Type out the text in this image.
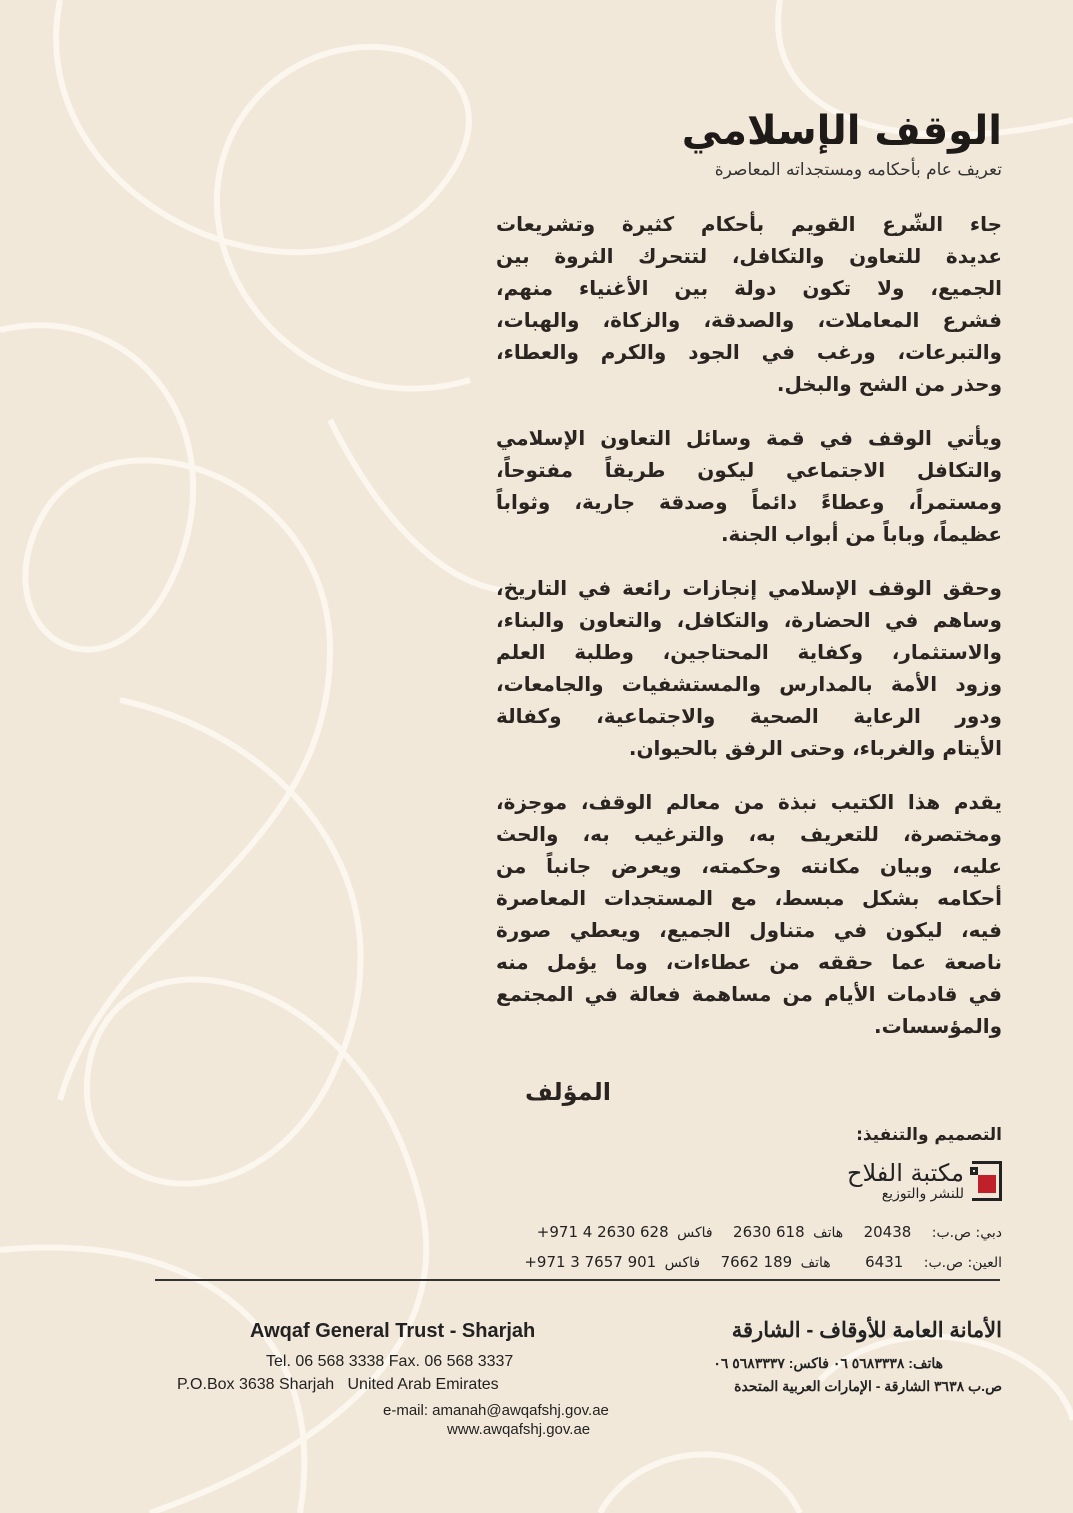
الوقف الإسلامي
تعريف عام بأحكامه ومستجداته المعاصرة
جاء الشّرع القويم بأحكام كثيرة وتشريعات
عديدة للتعاون والتكافل، لتتحرك الثروة بين
الجميع، ولا تكون دولة بين الأغنياء منهم،
فشرع المعاملات، والصدقة، والزكاة، والهبات،
والتبرعات، ورغب في الجود والكرم والعطاء،
وحذر من الشح والبخل.
ويأتي الوقف في قمة وسائل التعاون الإسلامي
والتكافل الاجتماعي ليكون طريقاً مفتوحاً،
ومستمراً، وعطاءً دائماً وصدقة جارية، وثواباً
عظيماً، وباباً من أبواب الجنة.
وحقق الوقف الإسلامي إنجازات رائعة في التاريخ،
وساهم في الحضارة، والتكافل، والتعاون والبناء،
والاستثمار، وكفاية المحتاجين، وطلبة العلم
وزود الأمة بالمدارس والمستشفيات والجامعات،
ودور الرعاية الصحية والاجتماعية، وكفالة
الأيتام والغرباء، وحتى الرفق بالحيوان.
يقدم هذا الكتيب نبذة من معالم الوقف، موجزة،
ومختصرة، للتعريف به، والترغيب به، والحث
عليه، وبيان مكانته وحكمته، ويعرض جانباً من
أحكامه بشكل مبسط، مع المستجدات المعاصرة
فيه، ليكون في متناول الجميع، ويعطي صورة
ناصعة عما حققه من عطاءات، وما يؤمل منه
في قادمات الأيام من مساهمة فعالة في المجتمع
والمؤسسات.
المؤلف
التصميم والتنفيذ:
مكتبة الفلاح
للنشر والتوزيع
دبي: ص.ب: 20438 هاتف 2630 618 فاكس +971 4 2630 628
العين: ص.ب: 6431 هاتف 7662 189 فاكس +971 3 7657 901
الأمانة العامة للأوقاف - الشارقة
Awqaf General Trust - Sharjah
هاتف: ٥٦٨٣٣٣٨ ٠٦ فاكس: ٥٦٨٣٣٣٧ ٠٦
Tel. 06 568 3338 Fax. 06 568 3337
ص.ب ٣٦٣٨ الشارقة - الإمارات العربية المتحدة
P.O.Box 3638 Sharjah   United Arab Emirates
e-mail: amanah@awqafshj.gov.ae
www.awqafshj.gov.ae
